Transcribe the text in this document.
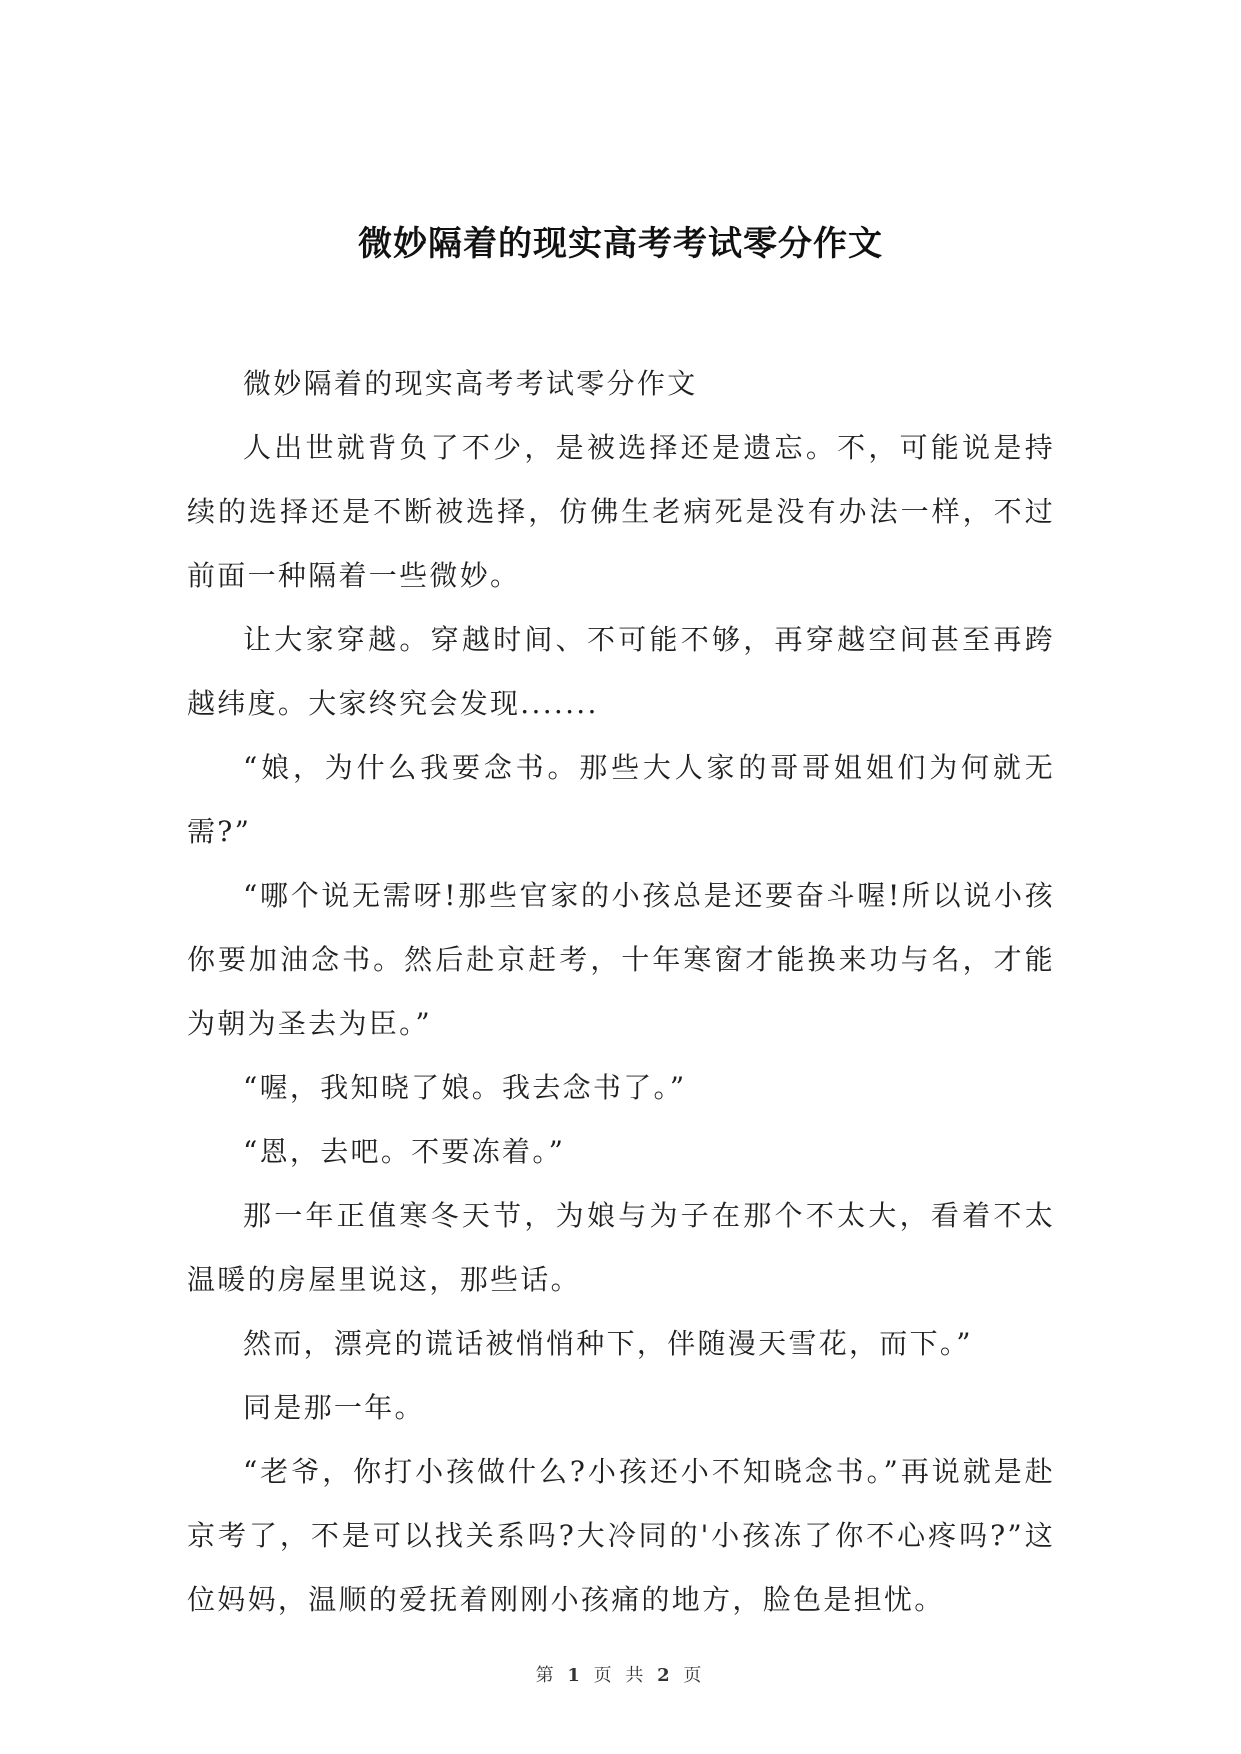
微妙隔着的现实高考考试零分作文

微妙隔着的现实高考考试零分作文

人出世就背负了不少，是被选择还是遗忘。不，可能说是持续的选择还是不断被选择，仿佛生老病死是没有办法一样，不过前面一种隔着一些微妙。

让大家穿越。穿越时间、不可能不够，再穿越空间甚至再跨越纬度。大家终究会发现.......

“娘，为什么我要念书。那些大人家的哥哥姐姐们为何就无需?”

“哪个说无需呀!那些官家的小孩总是还要奋斗喔!所以说小孩你要加油念书。然后赴京赶考，十年寒窗才能换来功与名，才能为朝为圣去为臣。”

“喔，我知晓了娘。我去念书了。”

“恩，去吧。不要冻着。”

那一年正值寒冬天节，为娘与为子在那个不太大，看着不太温暖的房屋里说这，那些话。

然而，漂亮的谎话被悄悄种下，伴随漫天雪花，而下。”

同是那一年。

“老爷，你打小孩做什么?小孩还小不知晓念书。”再说就是赴京考了，不是可以找关系吗?大冷同的'小孩冻了你不心疼吗?”这位妈妈，温顺的爱抚着刚刚小孩痛的地方，脸色是担忧。

第 1 页 共 2 页
